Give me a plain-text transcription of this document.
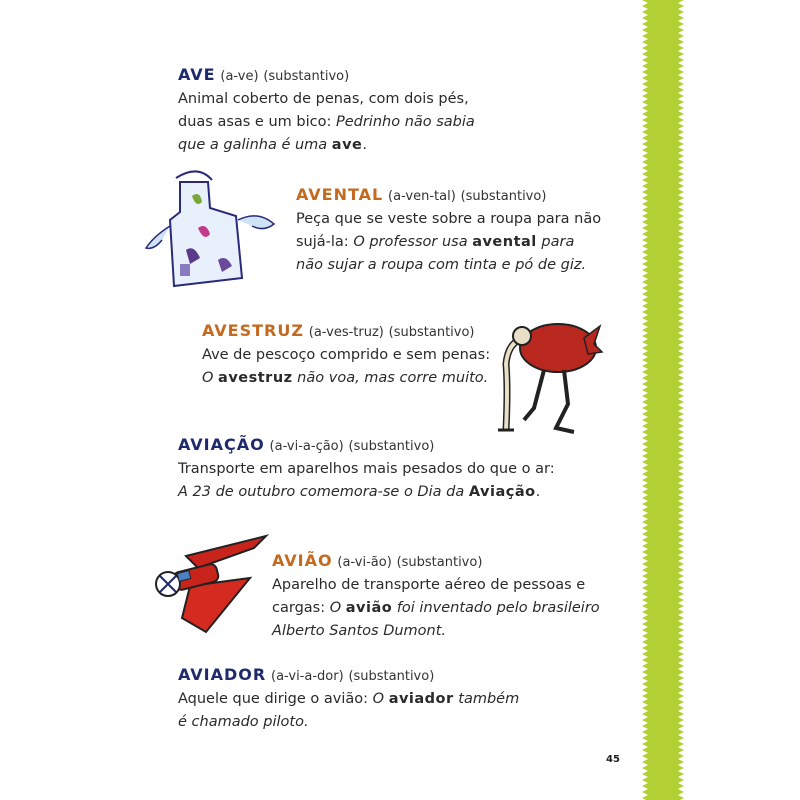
AVE (a-ve) (substantivo)
Animal coberto de penas, com dois pés,
duas asas e um bico: Pedrinho não sabia
que a galinha é uma ave.
AVENTAL (a-ven-tal) (substantivo)
Peça que se veste sobre a roupa para não
sujá-la: O professor usa avental para
não sujar a roupa com tinta e pó de giz.
AVESTRUZ (a-ves-truz) (substantivo)
Ave de pescoço comprido e sem penas:
O avestruz não voa, mas corre muito.
AVIAÇÃO (a-vi-a-ção) (substantivo)
Transporte em aparelhos mais pesados do que o ar:
A 23 de outubro comemora-se o Dia da Aviação.
AVIÃO (a-vi-ão) (substantivo)
Aparelho de transporte aéreo de pessoas e
cargas: O avião foi inventado pelo brasileiro
Alberto Santos Dumont.
AVIADOR (a-vi-a-dor) (substantivo)
Aquele que dirige o avião: O aviador também
é chamado piloto.
45
